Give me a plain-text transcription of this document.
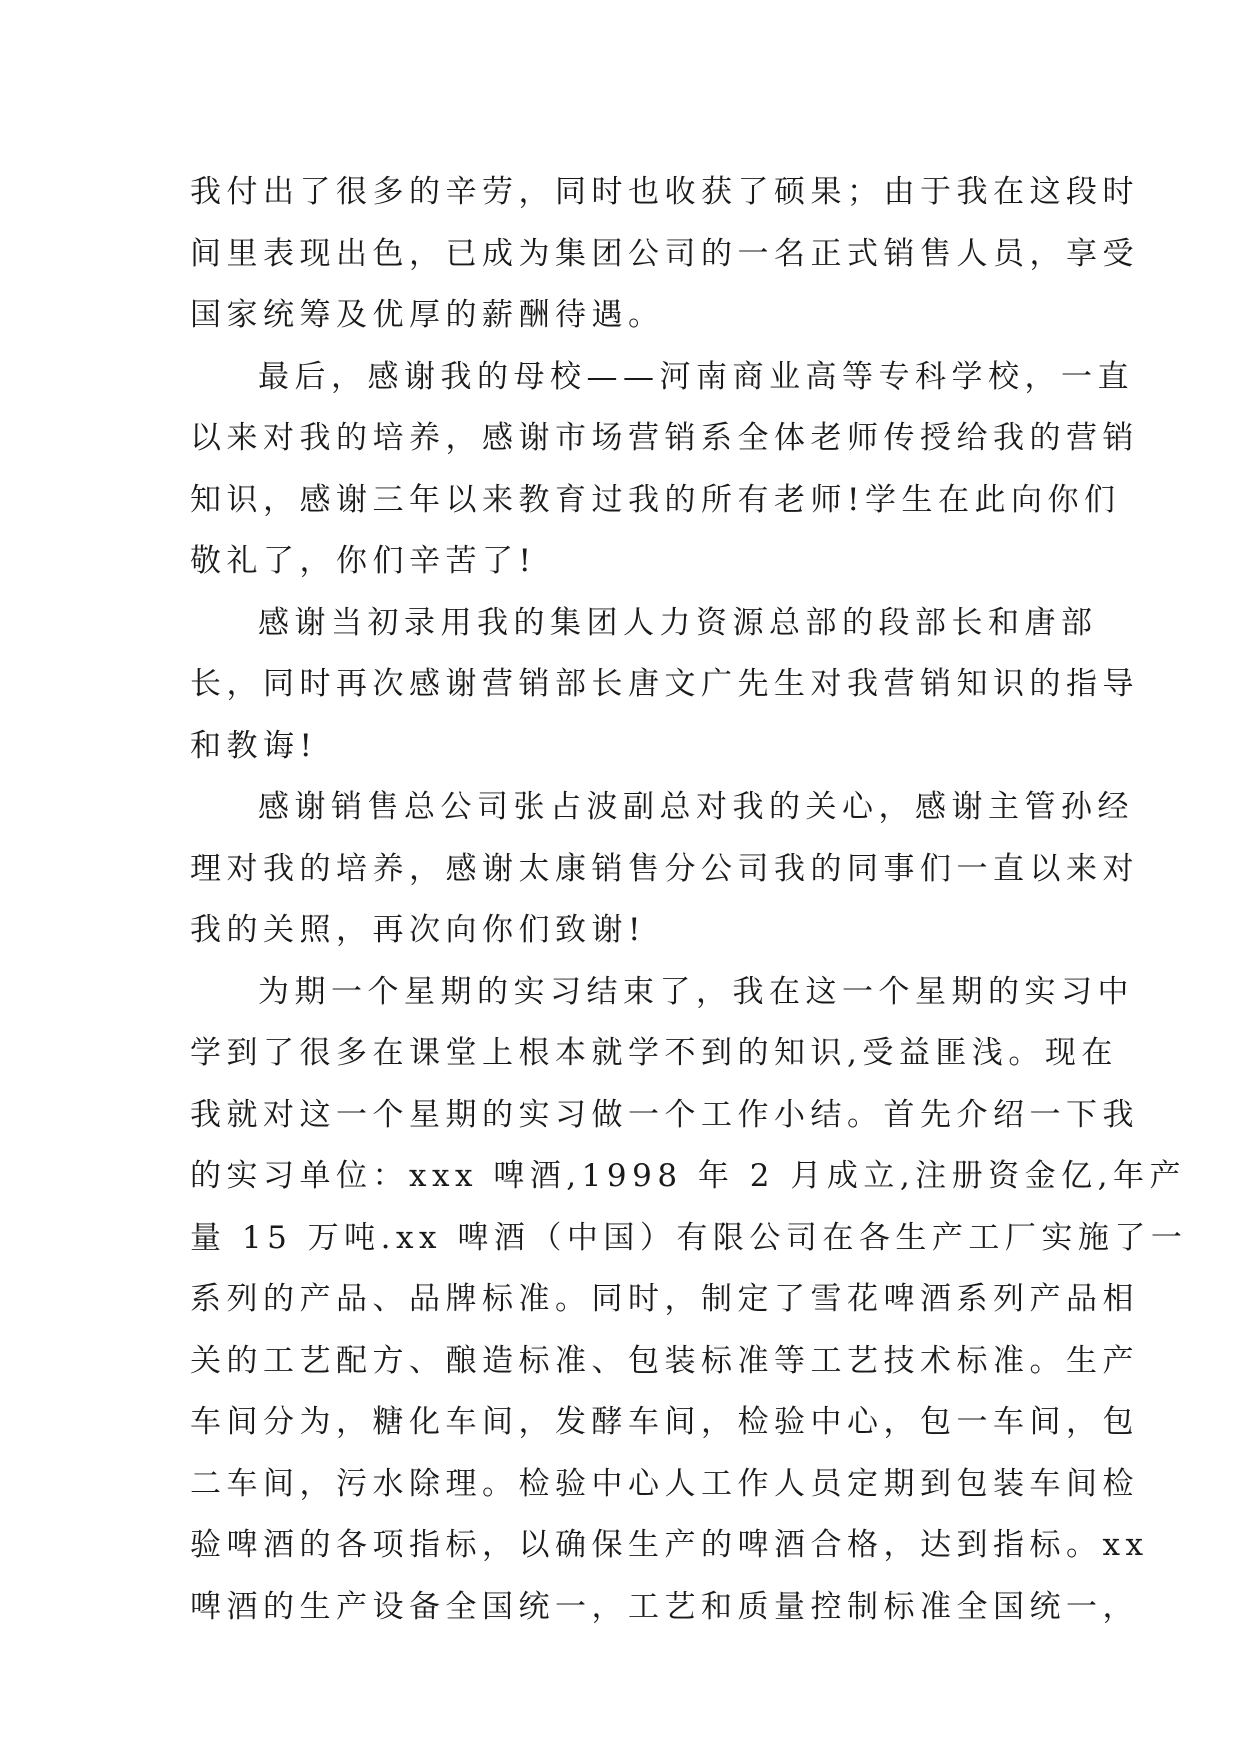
我付出了很多的辛劳，同时也收获了硕果；由于我在这段时
间里表现出色，已成为集团公司的一名正式销售人员，享受
国家统筹及优厚的薪酬待遇。
最后，感谢我的母校——河南商业高等专科学校，一直
以来对我的培养，感谢市场营销系全体老师传授给我的营销
知识，感谢三年以来教育过我的所有老师!学生在此向你们
敬礼了，你们辛苦了!
感谢当初录用我的集团人力资源总部的段部长和唐部
长，同时再次感谢营销部长唐文广先生对我营销知识的指导
和教诲!
感谢销售总公司张占波副总对我的关心，感谢主管孙经
理对我的培养，感谢太康销售分公司我的同事们一直以来对
我的关照，再次向你们致谢!
为期一个星期的实习结束了，我在这一个星期的实习中
学到了很多在课堂上根本就学不到的知识,受益匪浅。现在
我就对这一个星期的实习做一个工作小结。首先介绍一下我
的实习单位：xxx 啤酒,1998 年 2 月成立,注册资金亿,年产
量 15 万吨.xx 啤酒（中国）有限公司在各生产工厂实施了一
系列的产品、品牌标准。同时，制定了雪花啤酒系列产品相
关的工艺配方、酿造标准、包装标准等工艺技术标准。生产
车间分为，糖化车间，发酵车间，检验中心，包一车间，包
二车间，污水除理。检验中心人工作人员定期到包装车间检
验啤酒的各项指标，以确保生产的啤酒合格，达到指标。xx
啤酒的生产设备全国统一，工艺和质量控制标准全国统一，
